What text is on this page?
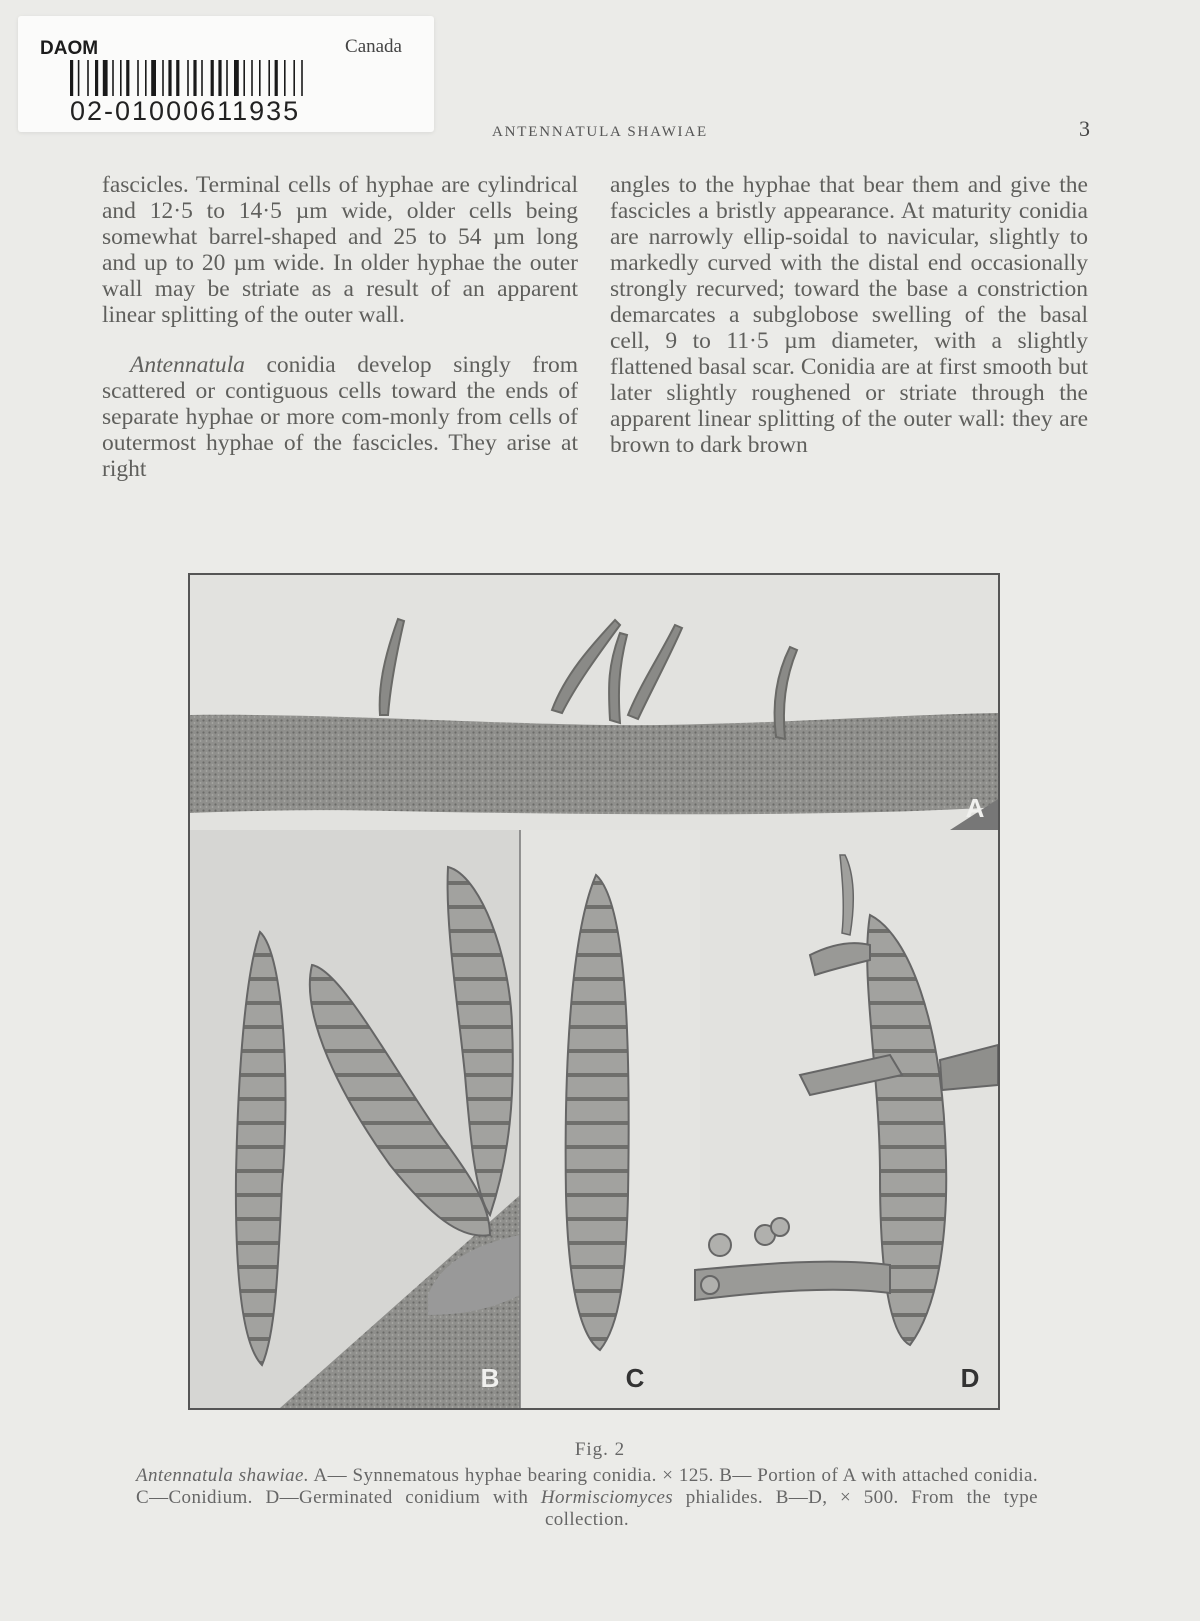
DAOM	Canada
02-01000611935
ANTENNATULA SHAWIAE	3

fascicles. Terminal cells of hyphae are cylindrical and 12·5 to 14·5 µm wide, older cells being somewhat barrel-shaped and 25 to 54 µm long and up to 20 µm wide. In older hyphae the outer wall may be striate as a result of an apparent linear splitting of the outer wall.

Antennatula conidia develop singly from scattered or contiguous cells toward the ends of separate hyphae or more com-monly from cells of outermost hyphae of the fascicles. They arise at right

angles to the hyphae that bear them and give the fascicles a bristly appearance. At maturity conidia are narrowly ellip-soidal to navicular, slightly to markedly curved with the distal end occasionally strongly recurved; toward the base a constriction demarcates a subglobose swelling of the basal cell, 9 to 11·5 µm diameter, with a slightly flattened basal scar. Conidia are at first smooth but later slightly roughened or striate through the apparent linear splitting of the outer wall: they are brown to dark brown

A
B	C	D
Fig. 2
Antennatula shawiae. A— Synnematous hyphae bearing conidia. × 125. B— Portion of A with attached conidia. C—Conidium. D—Germinated conidium with Hormisciomyces phialides. B—D, × 500. From the type collection.
